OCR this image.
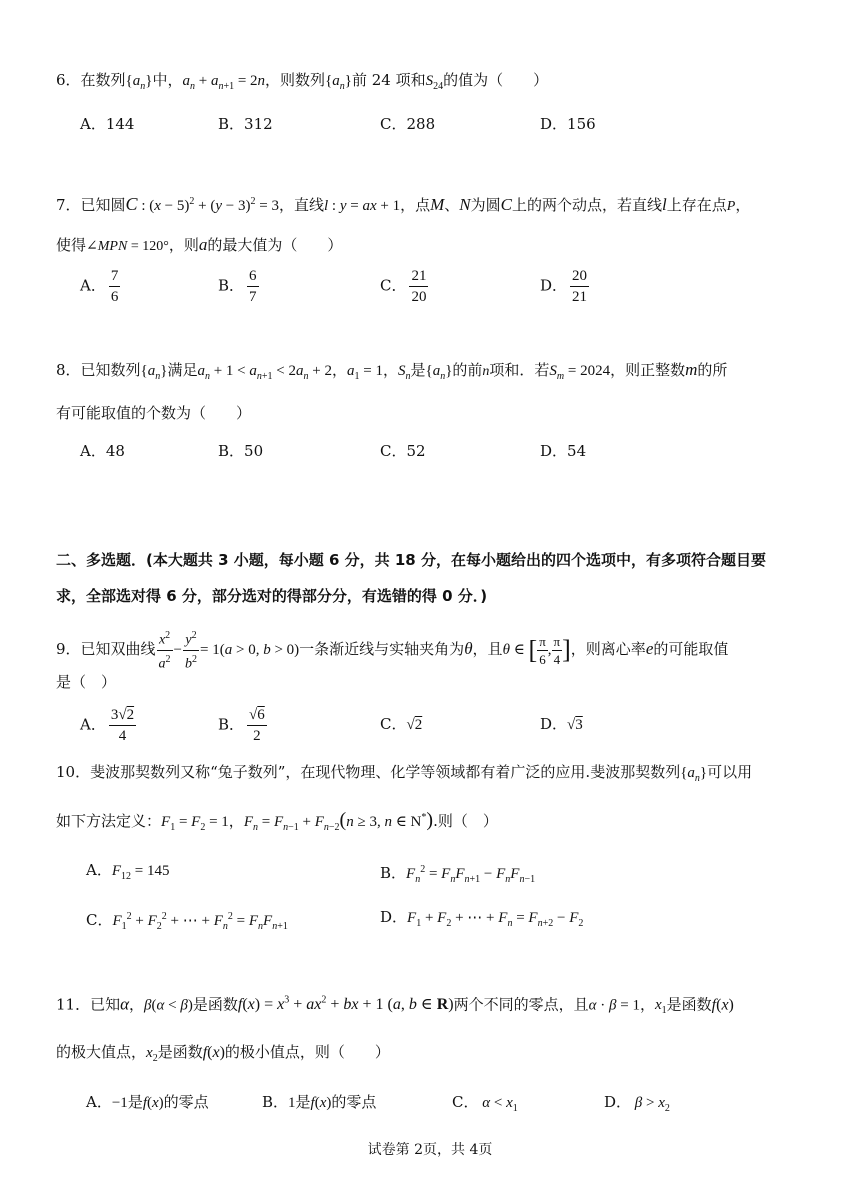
6．在数列$\{a_n\}$中，$a_n + a_{n+1} = 2n$，则数列$\{a_n\}$前 24 项和$S_{24}$的值为（　　）
A．144	B．312	C．288	D．156
7．已知圆C : $(x - 5)^2 + (y - 3)^2 = 3$，直线l : y = ax + 1，点M、N为圆C上的两个动点，若直线l上存在点P，
使得∠MPN = 120°，则a的最大值为（　　）
A． $\frac{7}{6}$	B． $\frac{6}{7}$	C． $\frac{21}{20}$	D． $\frac{20}{21}$
8．已知数列$\{a_n\}$满足$a_n + 1 < a_{n+1} < 2a_n + 2$，$a_1 = 1$，$S_n$是$\{a_n\}$的前n项和．若$S_m = 2024$，则正整数m的所
有可能取值的个数为（　　）
A．48	B．50	C．52	D．54
二、多选题．(本大题共 3 小题，每小题 6 分，共 18 分，在每小题给出的四个选项中，有多项符合题目要
求，全部选对得 6 分，部分选对的得部分分，有选错的得 0 分．)
9．已知双曲线 $\frac{x^2}{a^2} - \frac{y^2}{b^2} = 1(a > 0$, b > 0)一条渐近线与实轴夹角为θ，且θ ∈ [ $\frac{\pi}{6}$ , $\frac{\pi}{4}$ ]，则离心率e的可能取值
是（　）
A． $\frac{3√2}{4}$	B． $\frac{√6}{2}$	C．√2	D．√3
10．斐波那契数列又称“兔子数列”，在现代物理、化学等领域都有着广泛的应用.斐波那契数列$\{a_n\}$可以用
如下方法定义：$F_1 = F_2 = 1$，$F_n = F_{n-1} + F_{n-2}(n \ge 3$, n ∈ N*).则（　）
A．$F_{12} = 145$	B．$F_n^2 = F_nF_{n+1} - F_nF_{n-1}$
C．$F_1^2 + F_2^2$ + ⋯ + $F_n^2 = F_nF_{n+1}$
D．$F_1 + F_2$ + ⋯ + $F_n = F_{n+2} - F_2$
11．已知α，β(α < β)是函数$f(x) = x^3 + ax^2$ + bx + 1 (a, b ∈ R)两个不同的零点，且α · β = 1，$x_1$是函数f(x)
的极大值点，$x_2$是函数f(x)的极小值点，则（　　）
A．−1是f(x)的零点	B．1是f(x)的零点	C． $\alpha < x_1$	D． $\beta > x_2$
试卷第 2页，共 4页
